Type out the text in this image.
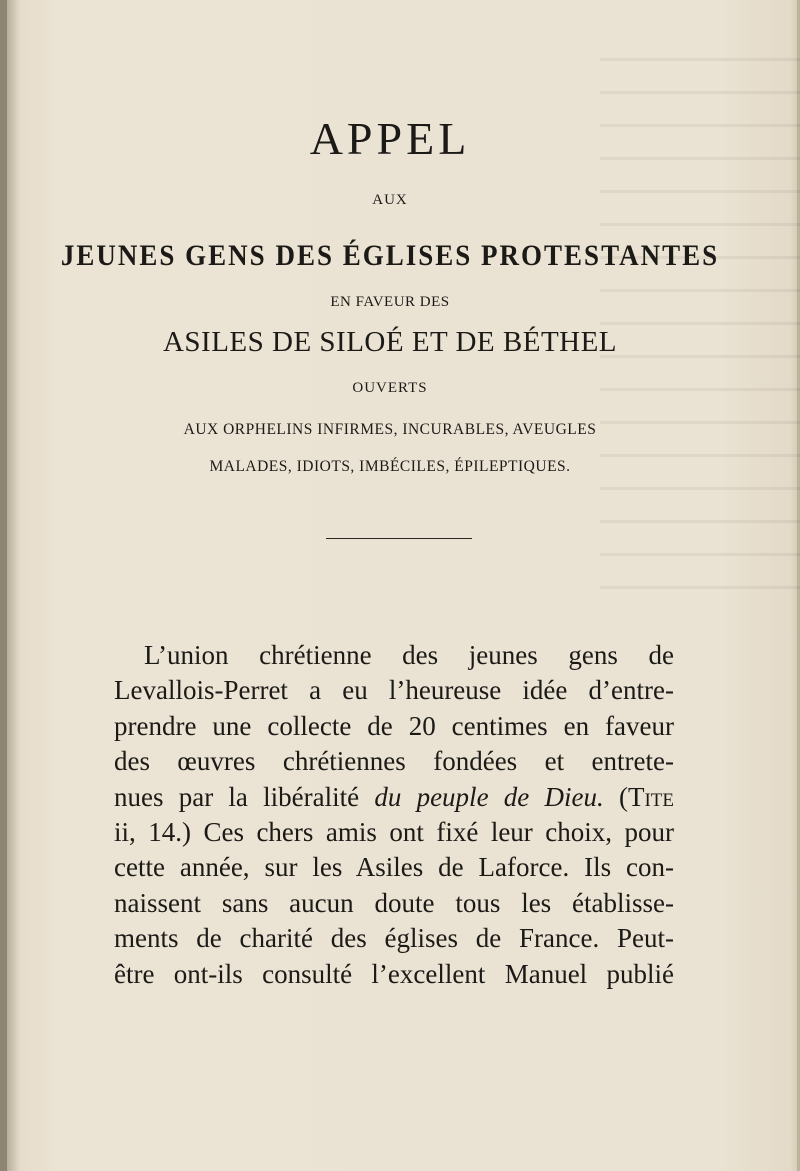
APPEL
AUX
JEUNES GENS DES ÉGLISES PROTESTANTES
EN FAVEUR DES
ASILES DE SILOÉ ET DE BÉTHEL
OUVERTS
AUX ORPHELINS INFIRMES, INCURABLES, AVEUGLES
MALADES, IDIOTS, IMBÉCILES, ÉPILEPTIQUES.
L’union chrétienne des jeunes gens de
Levallois-Perret a eu l’heureuse idée d’entre-
prendre une collecte de 20 centimes en faveur
des œuvres chrétiennes fondées et entrete-
nues par la libéralité du peuple de Dieu. (Tite
ii, 14.) Ces chers amis ont fixé leur choix, pour
cette année, sur les Asiles de Laforce. Ils con-
naissent sans aucun doute tous les établisse-
ments de charité des églises de France. Peut-
être ont-ils consulté l’excellent Manuel publié
